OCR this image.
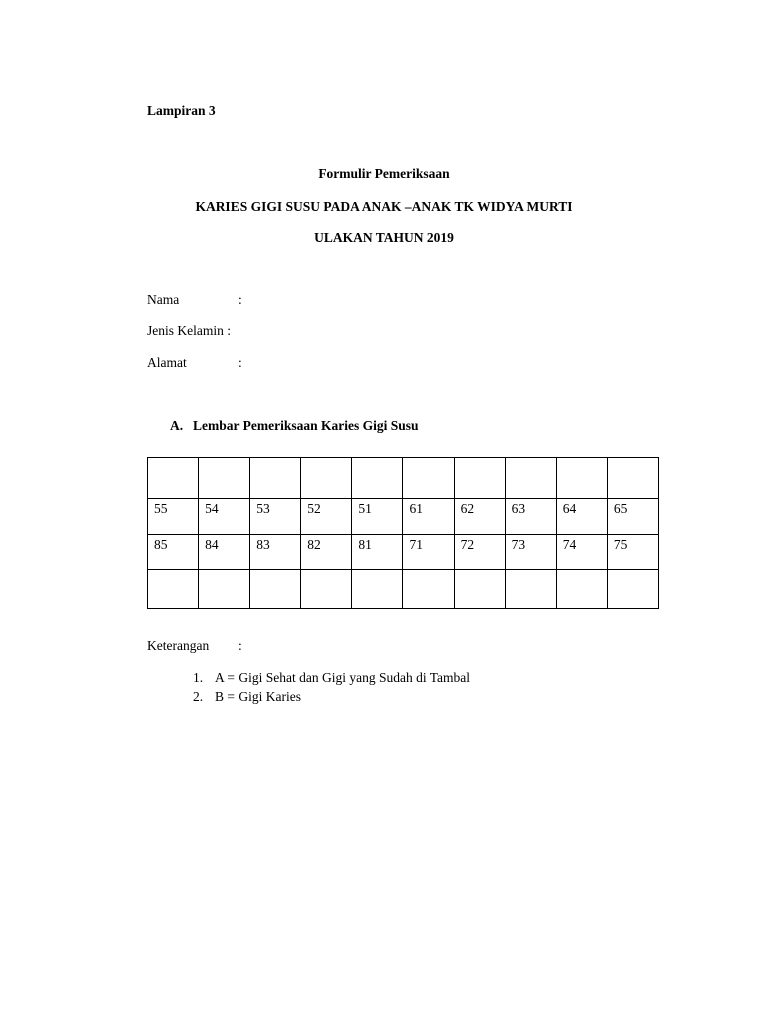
Lampiran 3
Formulir Pemeriksaan
KARIES GIGI SUSU PADA ANAK –ANAK TK WIDYA MURTI
ULAKAN TAHUN 2019
Nama	:
Jenis Kelamin :
Alamat	:
A. Lembar Pemeriksaan Karies Gigi Susu

55	54	53	52	51	61	62	63	64	65
85	84	83	82	81	71	72	73	74	75

Keterangan :
1. A = Gigi Sehat dan Gigi yang Sudah di Tambal
2. B = Gigi Karies
